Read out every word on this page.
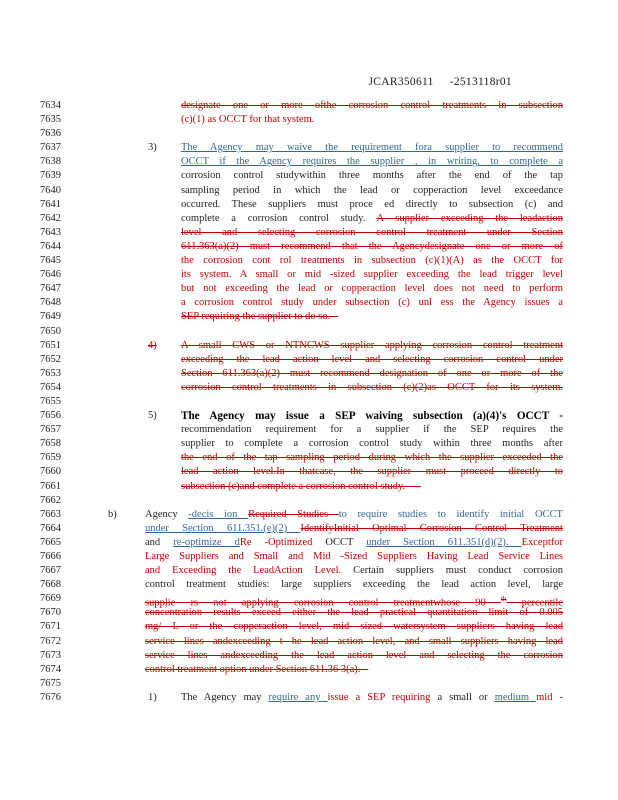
JCAR350611 -2513118r01
7634	designate one or more ofthe corrosion control treatments in subsection
7635	(c)(1) as OCCT for that system.
7636
7637	3) The Agency may waive the requirement fora supplier to recommend
7638	OCCT if the Agency requires the supplier , in writing, to complete a
7639	corrosion control studywithin three months after the end of the tap
7640	sampling period in which the lead or copperaction level exceedance
7641	occurred. These suppliers must proce ed directly to subsection (c) and
7642	complete a corrosion control study. A supplier exceeding the leadaction
7643	level and selecting corrosion control treatment under Section
7644	611.363(a)(2) must recommend that the Agencydesignate one or more of
7645	the corrosion cont rol treatments in subsection (c)(1)(A) as the OCCT for
7646	its system. A small or mid -sized supplier exceeding the lead trigger level
7647	but not exceeding the lead or copperaction level does not need to perform
7648	a corrosion control study under subsection (c) unl ess the Agency issues a
7649	SEP requiring the supplier to do so.
7650
7651	4) A small CWS or NTNCWS supplier applying corrosion control treatment
7652	exceeding the lead action level and selecting corrosion control under
7653	Section 611.363(a)(2) must recommend designation of one or more of the
7654	corrosion control treatments in subsection (c)(2)as OCCT for its system.
7655
7656	5) The Agency may issue a SEP waiving subsection (a)(4)'s OCCT -
7657	recommendation requirement for a supplier if the SEP requires the
7658	supplier to complete a corrosion control study within three months after
7659	the end of the tap sampling period during which the supplier exceeded the
7660	lead action level.In thatcase, the supplier must proceed directly to
7661	subsection (c)and complete a corrosion control study.
7662
7663	b)	Agency -decis ion Required Studies to require studies to identify initial OCCT
7664	under Section 611.351.(e)(2) IdentifyInitial Optimal Corrosion Control Treatment
7665	and re-optimize dRe -Optimized OCCT under Section 611.351(d)(2). Exceptfor
7666	Large Suppliers and Small and Mid -Sized Suppliers Having Lead Service Lines
7667	and Exceeding the LeadAction Level. Certain suppliers must conduct corrosion
7668	control treatment studies: large suppliers exceeding the lead action level, large
7669	supplie rs not applying corrosion control treatmentwhose 90 $^{th}$ percentile
7670	concentration results exceed either the lead practical quantitation limit of 0.005
7671	mg/ L or the copperaction level, mid sized watersystem suppliers having lead
7672	service lines andexceeding t he lead action level, and small suppliers having lead
7673	service lines andexceeding the lead action level and selecting the corrosion
7674	control treatment option under Section 611.36 3(a).
7675
7676	1) The Agency may require any issue a SEP requiring a small or medium mid -
